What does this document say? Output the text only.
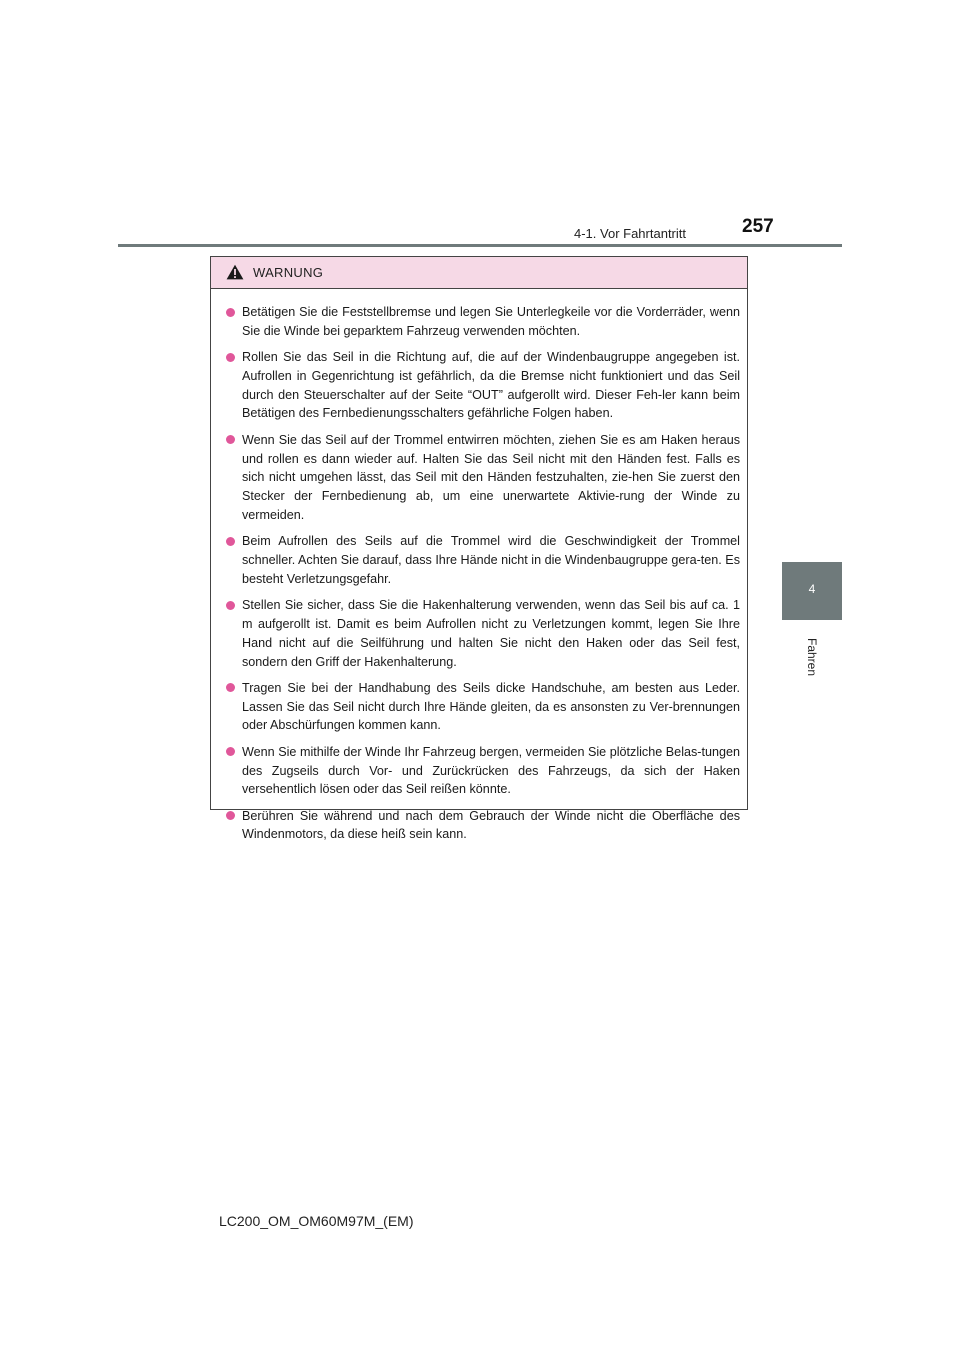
4-1. Vor Fahrtantritt	257
4
Fahren
WARNUNG
Betätigen Sie die Feststellbremse und legen Sie Unterlegkeile vor die Vorderräder, wenn Sie die Winde bei geparktem Fahrzeug verwenden möchten.
Rollen Sie das Seil in die Richtung auf, die auf der Windenbaugruppe angegeben ist. Aufrollen in Gegenrichtung ist gefährlich, da die Bremse nicht funktioniert und das Seil durch den Steuerschalter auf der Seite “OUT” aufgerollt wird. Dieser Feh-ler kann beim Betätigen des Fernbedienungsschalters gefährliche Folgen haben.
Wenn Sie das Seil auf der Trommel entwirren möchten, ziehen Sie es am Haken heraus und rollen es dann wieder auf. Halten Sie das Seil nicht mit den Händen fest. Falls es sich nicht umgehen lässt, das Seil mit den Händen festzuhalten, zie-hen Sie zuerst den Stecker der Fernbedienung ab, um eine unerwartete Aktivie-rung der Winde zu vermeiden.
Beim Aufrollen des Seils auf die Trommel wird die Geschwindigkeit der Trommel schneller. Achten Sie darauf, dass Ihre Hände nicht in die Windenbaugruppe gera-ten. Es besteht Verletzungsgefahr.
Stellen Sie sicher, dass Sie die Hakenhalterung verwenden, wenn das Seil bis auf ca. 1 m aufgerollt ist. Damit es beim Aufrollen nicht zu Verletzungen kommt, legen Sie Ihre Hand nicht auf die Seilführung und halten Sie nicht den Haken oder das Seil fest, sondern den Griff der Hakenhalterung.
Tragen Sie bei der Handhabung des Seils dicke Handschuhe, am besten aus Leder. Lassen Sie das Seil nicht durch Ihre Hände gleiten, da es ansonsten zu Ver-brennungen oder Abschürfungen kommen kann.
Wenn Sie mithilfe der Winde Ihr Fahrzeug bergen, vermeiden Sie plötzliche Belas-tungen des Zugseils durch Vor- und Zurückrücken des Fahrzeugs, da sich der Haken versehentlich lösen oder das Seil reißen könnte.
Berühren Sie während und nach dem Gebrauch der Winde nicht die Oberfläche des Windenmotors, da diese heiß sein kann.
LC200_OM_OM60M97M_(EM)
